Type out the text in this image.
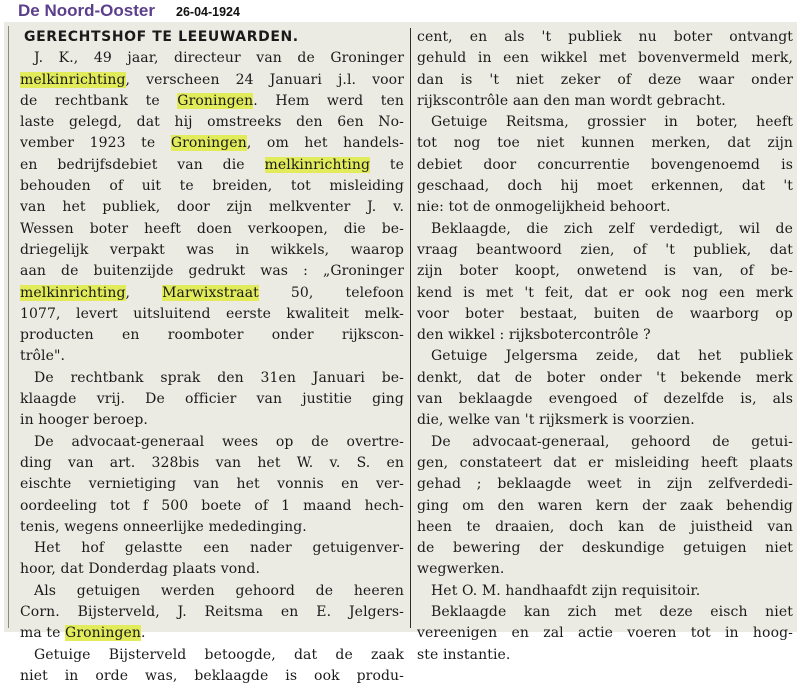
De Noord-Ooster 26-04-1924
GERECHTSHOF TE LEEUWARDEN.
J. K., 49 jaar, directeur van de Groninger
melkinrichting, verscheen 24 Januari j.l. voor
de rechtbank te Groningen. Hem werd ten
laste gelegd, dat hij omstreeks den 6en No-
vember 1923 te Groningen, om het handels-
en bedrijfsdebiet van die melkinrichting te
behouden of uit te breiden, tot misleiding
van het publiek, door zijn melkventer J. v.
Wessen boter heeft doen verkoopen, die be-
driegelijk verpakt was in wikkels, waarop
aan de buitenzijde gedrukt was : „Groninger
melkinrichting, Marwixstraat 50, telefoon
1077, levert uitsluitend eerste kwaliteit melk-
producten en roomboter onder rijkscon-
trôle".
De rechtbank sprak den 31en Januari be-
klaagde vrij. De officier van justitie ging
in hooger beroep.
De advocaat-generaal wees op de overtre-
ding van art. 328bis van het W. v. S. en
eischte vernietiging van het vonnis en ver-
oordeeling tot f 500 boete of 1 maand hech-
tenis, wegens onneerlijke mededinging.
Het hof gelastte een nader getuigenver-
hoor, dat Donderdag plaats vond.
Als getuigen werden gehoord de heeren
Corn. Bijsterveld, J. Reitsma en E. Jelgers-
ma te Groningen.
Getuige Bijsterveld betoogde, dat de zaak
niet in orde was, beklaagde is ook produ-
cent, en als 't publiek nu boter ontvangt
gehuld in een wikkel met bovenvermeld merk,
dan is 't niet zeker of deze waar onder
rijkscontrôle aan den man wordt gebracht.
Getuige Reitsma, grossier in boter, heeft
tot nog toe niet kunnen merken, dat zijn
debiet door concurrentie bovengenoemd is
geschaad, doch hij moet erkennen, dat 't
nie: tot de onmogelijkheid behoort.
Beklaagde, die zich zelf verdedigt, wil de
vraag beantwoord zien, of 't publiek, dat
zijn boter koopt, onwetend is van, of be-
kend is met 't feit, dat er ook nog een merk
voor boter bestaat, buiten de waarborg op
den wikkel : rijksbotercontrôle ?
Getuige Jelgersma zeide, dat het publiek
denkt, dat de boter onder 't bekende merk
van beklaagde evengoed of dezelfde is, als
die, welke van 't rijksmerk is voorzien.
De advocaat-generaal, gehoord de getui-
gen, constateert dat er misleiding heeft plaats
gehad ; beklaagde weet in zijn zelfverdedi-
ging om den waren kern der zaak behendig
heen te draaien, doch kan de juistheid van
de bewering der deskundige getuigen niet
wegwerken.
Het O. M. handhaafdt zijn requisitoir.
Beklaagde kan zich met deze eisch niet
vereenigen en zal actie voeren tot in hoog-
ste instantie.
